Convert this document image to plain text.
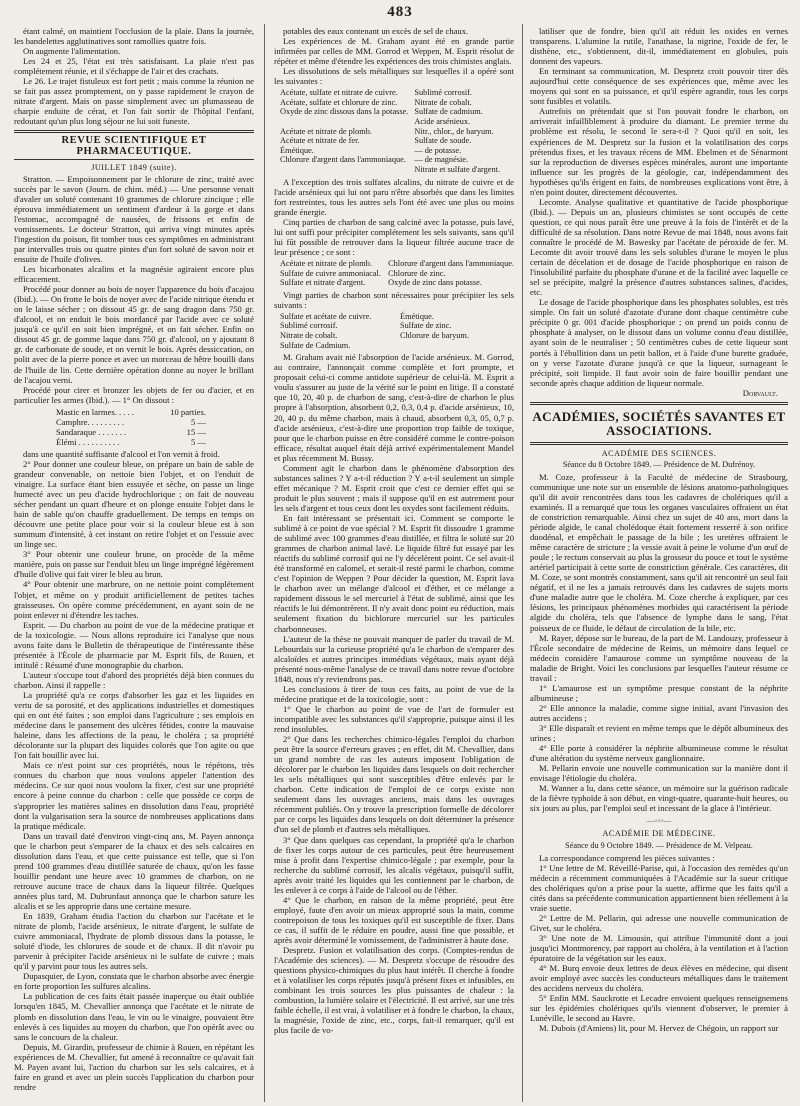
483

étant calmé, on maintient l'occlusion de la plaie. Dans la journée, les bandelettes agglutinatives sont ramollies quatre fois.

On augmente l'alimentation.

Les 24 et 25, l'état est très satisfaisant. La plaie n'est pas complétement réunie, et il s'échappe de l'air et des crachats.

Le 26. Le trajet fistuleux est fort petit ; mais comme la réunion ne se fait pas assez promptement, on y passe rapidement le crayon de nitrate d'argent. Mais on passe simplement avec un plumasseau de charpie enduite de cérat, et l'on fait sortir de l'hôpital l'enfant, redoutant qu'un plus long séjour ne lui soit funeste.

REVUE SCIENTIFIQUE ET PHARMACEUTIQUE.
JUILLET 1849 (suite).

Stratton. — Empoisonnement par le chlorure de zinc, traité avec succès par le savon (Journ. de chim. méd.) — Une personne venait d'avaler un soluté contenant 10 grammes de chlorure zincique ; elle éprouva immédiatement un sentiment d'ardeur à la gorge et dans l'estomac, accompagné de nausées, de frissons et enfin de vomissements. Le docteur Stratton, qui arriva vingt minutes après l'ingestion du poison, fit tomber tous ces symptômes en administrant par intervalles trois ou quatre pintes d'un fort soluté de savon noir et ensuite de l'huile d'olives.

Les bicarbonates alcalins et la magnésie agiraient encore plus efficacement.

Procédé pour donner au bois de noyer l'apparence du bois d'acajou (Ibid.). — On frotte le bois de noyer avec de l'acide nitrique étendu et on le laisse sécher ; on dissout 45 gr. de sang dragon dans 750 gr. d'alcool, et on enduit le bois mordancé par l'acide avec ce soluté jusqu'à ce qu'il en soit bien imprégné, et on fait sécher. Enfin on dissout 45 gr. de gomme laque dans 750 gr. d'alcool, on y ajoutant 8 gr. de carbonate de soude, et on vernit le bois. Après dessiccation, on polit avec de la pierre ponce et avec un morceau de hêtre bouilli dans de l'huile de lin. Cette dernière opération donne au noyer le brillant de l'acajou verni.

Procédé pour cirer et bronzer les objets de fer ou d'acier, et en particulier les armes (Ibid.). — 1° On dissout :

Mastic en larmes. . . . .	10 parties.
Camphre. . . . . . . . .	5 —
Sandaraque . . . . . . .	15 —
Élémi . . . . . . . . . .	5 —

dans une quantité suffisante d'alcool et l'on vernit à froid.

2° Pour donner une couleur bleue, on prépare un bain de sable de grandeur convenable, on nettoie bien l'objet, et on l'enduit de vinaigre. La surface étant bien essuyée et sèche, on passe un linge humecté avec un peu d'acide hydrochlorique ; on fait de nouveau sécher pendant un quart d'heure et on plonge ensuite l'objet dans le bain de sable qu'on chauffe graduellement. De temps en temps on découvre une petite place pour voir si la couleur bleue est à son summum d'intensité, à cet instant on retire l'objet et on l'essuie avec un linge sec.

3° Pour obtenir une couleur brune, on procède de la même manière, puis on passe sur l'enduit bleu un linge imprégné légèrement d'huile d'olive qui fait virer le bleu au brun.

4° Pour obtenir une marbrure, on ne nettoie point complétement l'objet, et même on y produit artificiellement de petites taches graisseuses. On opère comme précédemment, en ayant soin de ne point enlever ni d'étendre les taches.

Esprit. — Du charbon au point de vue de la médecine pratique et de la toxicologie. — Nous allons reproduire ici l'analyse que nous avons faite dans le Bulletin de thérapeutique de l'intéressante thèse présentée à l'École de pharmacie par M. Esprit fils, de Rouen, et intitulé : Résumé d'une monographie du charbon.

L'auteur s'occupe tout d'abord des propriétés déjà bien connues du charbon. Ainsi il rappelle :

La propriété qu'a ce corps d'absorber les gaz et les liquides en vertu de sa porosité, et des applications industrielles et domestiques qui en ont été faites ; son emploi dans l'agriculture ; ses emplois en médecine dans le pansement des ulcères fétides, contre la mauvaise haleine, dans les affections de la peau, le choléra ; sa propriété décolorante sur la plupart des liquides colorés que l'on agite ou que l'on fait bouillir avec lui.

Mais ce n'est point sur ces propriétés, nous le répétons, très connues du charbon que nous voulons appeler l'attention des médecins. Ce sur quoi nous voulons la fixer, c'est sur une propriété encore à peine connue du charbon : celle que possède ce corps de s'approprier les matières salines en dissolution dans l'eau, propriété dont la vulgarisation sera la source de nombreuses applications dans la pratique médicale.

Dans un travail daté d'environ vingt-cinq ans, M. Payen annonça que le charbon peut s'emparer de la chaux et des sels calcaires en dissolution dans l'eau, et que cette puissance est telle, que si l'on prend 100 grammes d'eau distillée saturée de chaux, qu'on les fasse bouillir pendant une heure avec 10 grammes de charbon, on ne retrouve aucune trace de chaux dans la liqueur filtrée. Quelques années plus tard, M. Dubrunfaut annonça que le charbon sature les alcalis et se les approprie dans une certaine mesure.

En 1839, Graham étudia l'action du charbon sur l'acétate et le nitrate de plomb, l'acide arsénieux, le nitrate d'argent, le sulfate de cuivre ammoniacal, l'hydrate de plomb dissous dans la potasse, le soluté d'iode, les chlorures de soude et de chaux. Il dit n'avoir pu parvenir à précipiter l'acide arsénieux ni le sulfate de cuivre ; mais qu'il y parvint pour tous les autres sels.

Dupasquier, de Lyon, constata que le charbon absorbe avec énergie en forte proportion les sulfures alcalins.

La publication de ces faits était passée inaperçue ou était oubliée lorsqu'en 1845, M. Chevallier annonça que l'acétate et le nitrate de plomb en dissolution dans l'eau, le vin ou le vinaigre, pouvaient être enlevés à ces liquides au moyen du charbon, que l'on opérât avec ou sans le concours de la chaleur.

Depuis, M. Girardin, professeur de chimie à Rouen, en répétant les expériences de M. Chevallier, fut amené à reconnaître ce qu'avait fait M. Payen avant lui, l'action du charbon sur les sels calcaires, et à faire en grand et avec un plein succès l'application du charbon pour rendre

potables des eaux contenant un excès de sel de chaux.

Les expériences de M. Graham ayant été en grande partie infirmées par celles de MM. Gorrod et Weppen, M. Esprit résolut de répéter et même d'étendre les expériences des trois chimistes anglais.

Les dissolutions de sels métalliques sur lesquelles il a opéré sont les suivantes :

Acétate, sulfate et nitrate de cuivre.	Sublimé corrosif.
Acétate, sulfate et chlorure de zinc.	Nitrate de cobalt.
Oxyde de zinc dissous dans la potasse. Sulfate de cadmium.
Acide arsénieux.
Acétate et nitrate de plomb.	Nitr., chlor., de baryum.
Acétate et nitrate de fer.	Sulfate de soude.
Émétique.	— de potasse.
Chlorure d'argent dans l'ammoniaque. — de magnésie.
Nitrate et sulfate d'argent.

A l'exception des trois sulfates alcalins, du nitrate de cuivre et de l'acide arsénieux qui lui ont paru n'être absorbés que dans les limites fort restreintes, tous les autres sels l'ont été avec une plus ou moins grande énergie.

Cinq parties de charbon de sang calciné avec la potasse, puis lavé, lui ont suffi pour précipiter complétement les sels suivants, sans qu'il lui fût possible de retrouver dans la liqueur filtrée aucune trace de leur présence ; ce sont :

Acétate et nitrate de plomb.	Chlorure d'argent dans l'ammoniaque.
Sulfate de cuivre ammoniacal. Chlorure de zinc.
Sulfate et nitrate d'argent.	Oxyde de zinc dans potasse.

Vingt parties de charbon sont nécessaires pour précipiter les sels suivants :

Sulfate et acétate de cuivre.	Émétique.
Sublimé corrosif.	Sulfate de zinc.
Nitrate de cobalt.	Chlorure de baryum.
Sulfate de Cadmium.

M. Graham avait nié l'absorption de l'acide arsénieux. M. Gorrod, au contraire, l'annonçait comme complète et fort prompte, et proposait celui-ci comme antidote supérieur de celui-là. M. Esprit a voulu s'assurer au juste de la vérité sur le point en litige. Il a constaté que 10, 20, 40 p. de charbon de sang, c'est-à-dire de charbon le plus propre à l'absorption, absorbent 0,2, 0,3, 0,4 p. d'acide arsénieux, 10, 20, 40 p. du même charbon, mais à chaud, absorbent 0,3, 05, 0,7 p. d'acide arsénieux, c'est-à-dire une proportion trop faible de toxique, pour que le charbon puisse en être considéré comme le contre-poison efficace, résultat auquel était déjà arrivé expérimentalement Mandel et plus récemment M. Bussy.

Comment agit le charbon dans le phénomène d'absorption des substances salines ? Y a-t-il réduction ? Y a-t-il seulement un simple effet mécanique ? M. Esprit croit que c'est ce dernier effet qui se produit le plus souvent ; mais il suppose qu'il en est autrement pour les sels d'argent et tous ceux dont les oxydes sont facilement réduits.

En fait intéressant se présentait ici. Comment se comporte le sublimé à ce point de vue spécial ? M. Esprit fit dissoudre 1 gramme de sublimé avec 100 grammes d'eau distillée, et filtra le soluté sur 20 grammes de charbon animal lavé. Le liquide filtré fut essayé par les réactifs du sublimé corrosif qui ne l'y décelèrent point. Ce sel avait-il été transformé en calomel, et serait-il resté parmi le charbon, comme c'est l'opinion de Weppen ? Pour décider la question, M. Esprit lava le charbon avec un mélange d'alcool et d'éther, et ce mélange a rapidement dissous le sel mercuriel à l'état de sublimé, ainsi que les réactifs le lui démontrèrent. Il n'y avait donc point eu réduction, mais seulement fixation du bichlorure mercuriel sur les particules charbonneuses.

L'auteur de la thèse ne pouvait manquer de parler du travail de M. Lebourdais sur la curieuse propriété qu'a le charbon de s'emparer des alcaloïdes et autres principes immédiats végétaux, mais ayant déjà présenté nous-même l'analyse de ce travail dans notre revue d'octobre 1848, nous n'y reviendrons pas.

Les conclusions à tirer de tous ces faits, au point de vue de la médecine pratique et de la toxicologie, sont :

1° Que le charbon au point de vue de l'art de formuler est incompatible avec les substances qu'il s'approprie, puisque ainsi il les rend insolubles.

2° Que dans les recherches chimico-légales l'emploi du charbon peut être la source d'erreurs graves ; en effet, dit M. Chevallier, dans un grand nombre de cas les auteurs imposent l'obligation de décolorer par le charbon les liquides dans lesquels on doit rechercher les sels métalliques qui sont susceptibles d'être enlevés par le charbon. Cette indication de l'emploi de ce corps existe non seulement dans les ouvrages anciens, mais dans les ouvrages récemment publiés. On y trouve la prescription formelle de décolorer par ce corps les liquides dans lesquels on doit déterminer la présence d'un sel de plomb et d'autres sels métalliques.

3° Que dans quelques cas cependant, la propriété qu'a le charbon de fixer les corps autour de ces particules, peut être heureusement mise à profit dans l'expertise chimico-légale ; par exemple, pour la recherche du sublimé corrosif, les alcalis végétaux, puisqu'il suffit, après avoir traité les liquides qui les contiennent par le charbon, de les enlever à ce corps à l'aide de l'alcool ou de l'éther.

4° Que le charbon, en raison de la même propriété, peut être employé, faute d'en avoir un mieux approprié sous la main, comme contrepoison de tous les toxiques qu'il est susceptible de fixer. Dans ce cas, il suffit de le réduire en poudre, aussi fine que possible, et après avoir déterminé le vomissement, de l'administrer à haute dose.

Despretz. Fusion et volatilisation des corps. (Comptes-rendus de l'Académie des sciences). — M. Despretz s'occupe de résoudre des questions physico-chimiques du plus haut intérêt. Il cherche à fondre et à volatiliser les corps réputés jusqu'à présent fixes et infusibles, en combinant les trois sources les plus puissantes de chaleur : la combustion, la lumière solaire et l'électricité. Il est arrivé, sur une très faible échelle, il est vrai, à volatiliser et à fondre le charbon, la chaux, la magnésie, l'oxide de zinc, etc., corps, fait-il remarquer, qu'il est plus facile de vo-

latiliser que de fondre, bien qu'il ait réduit les oxides en vernes transparens. L'alumine la rutile, l'anathase, la nigrine, l'oxide de fer, le disthène, etc., s'obtiennent, dit-il, immédiatement en globules, puis donnent des vapeurs.

En terminant sa communication, M. Despretz croit pouvoir tirer dès aujourd'hui cette conséquence de ses expériences que, même avec les moyens qui sont en sa puissance, et qu'il espère agrandir, tous les corps sont fusibles et volatils.

Autrefois on prétendait que si l'on pouvait fondre le charbon, on arriverait infailliblement à produire du diamant. Le premier terme du problème est résolu, le second le sera-t-il ? Quoi qu'il en soit, les expériences de M. Despretz sur la fusion et la volatilisation des corps prétendus fixes, et les travaux récens de MM. Ebelmen et de Sénarmont sur la reproduction de diverses espèces minérales, auront une importante influence sur les progrès de la géologie, car, indépendamment des hypothèses qu'ils érigent en faits, de nombreuses explications vont être, à n'en point douter, directement découvertes.

Lecomte. Analyse qualitative et quantitative de l'acide phosphorique (Ibid.). — Depuis un an, plusieurs chimistes se sont occupés de cette question, ce qui nous paraît être une preuve à la fois de l'intérêt et de la difficulté de sa résolution. Dans notre Revue de mai 1848, nous avons fait connaître le procédé de M. Bawesky par l'acétate de péroxide de fer. M. Lecomte dit avoir trouvé dans les sels solubles d'urane le moyen le plus certain de décelation et de dosage de l'acide phosphorique en raison de l'insolubilité parfaite du phosphate d'urane et de la facilité avec laquelle ce sel se précipite, malgré la présence d'autres substances salines, d'acides, etc.

Le dosage de l'acide phosphorique dans les phosphates solubles, est très simple. On fait un soluté d'azotate d'urane dont chaque centimètre cube précipite 0 gr. 001 d'acide phosphorique ; on prend un poids connu de phosphate à analyser, on le dissout dans un volume connu d'eau distillée, ayant soin de le neutraliser ; 50 centimètres cubes de cette liqueur sont portés à l'ébullition dans un petit ballon, et à l'aide d'une burette graduée, on y verse l'azotate d'urane jusqu'à ce que la liqueur, surnageant le précipité, soit limpide. Il faut avoir soin de faire bouillir pendant une seconde après chaque addition de liqueur normale.

Dorvault.
ACADÉMIES, SOCIÉTÉS SAVANTES ET ASSOCIATIONS.
ACADÉMIE DES SCIENCES.
Séance du 8 Octobre 1849. — Présidence de M. Dufrénoy.

M. Coze, professeur à la Faculté de médecine de Strasbourg, communique une note sur un ensemble de lésions anatomo-pathologiques qu'il dit avoir rencontrées dans tous les cadavres de cholériques qu'il a examinés. Il a remarqué que tous les organes vasculaires offraient un état de constriction remarquable. Ainsi chez un sujet de 40 ans, mort dans la période algide, le canal cholédoque était fortement resserré à son orifice duodénal, et empêchait le passage de la bile ; les uretères offraient le même caractère de stricture ; la vessie avait à peine le volume d'un œuf de poule ; le rectum conservait au plus la grosseur du pouce et tout le système artériel participait à cette sorte de constriction générale. Ces caractères, dit M. Coze, se sont montrés constamment, sans qu'il ait rencontré un seul fait négatif, et il ne les a jamais retrouvés dans les cadavres de sujets morts d'une maladie autre que le choléra. M. Coze cherche à expliquer, par ces lésions, les principaux phénomènes morbides qui caractérisent la période algide du choléra, tels que l'absence de lymphe dans le sang, l'état poisseux de ce fluide, le défaut de circulation de la bile, etc.

M. Rayer, dépose sur le bureau, de la part de M. Landouzy, professeur à l'École secondaire de médecine de Reims, un mémoire dans lequel ce médecin considère l'amaurose comme un symptôme nouveau de la maladie de Bright. Voici les conclusions par lesquelles l'auteur résume ce travail :

1° L'amaurose est un symptôme presque constant de la néphrite albumineuse ;

2° Elle annonce la maladie, comme signe initial, avant l'invasion des autres accidens ;

3° Elle disparaît et revient en même temps que le dépôt albumineux des urines ;

4° Elle porte à considérer la néphrite albumineuse comme le résultat d'une altération du système nerveux ganglionnaire.

M. Pellarin envoie une nouvelle communication sur la manière dont il envisage l'étiologie du choléra.

M. Wanner a lu, dans cette séance, un mémoire sur la guérison radicale de la fièvre typhoïde à son début, en vingt-quatre, quarante-huit heures, ou six jours au plus, par l'emploi seul et incessant de la glace à l'intérieur.

—◦◦◦—
ACADÉMIE DE MÉDECINE.
Séance du 9 Octobre 1849. — Présidence de M. Velpeau.

La correspondance comprend les pièces suivantes :

1° Une lettre de M. Réveillé-Parise, qui, à l'occasion des remèdes qu'un médecin a récemment communiquées à l'Académie sur la sueur critique des cholériques qu'on a prise pour la suette, affirme que les faits qu'il a cités dans sa précédente communication appartiennent bien réellement à la vraie suette.

2° Lettre de M. Pellarin, qui adresse une nouvelle communication de Givet, sur le choléra.

3° Une note de M. Limousin, qui attribue l'immunité dont a joui jusqu'ici Montmorency, par rapport au choléra, à la ventilation et à l'action épuratoire de la végétation sur les eaux.

4° M. Burq envoie deux lettres de deux élèves en médecine, qui disent avoir employé avec succès les conducteurs métalliques dans le traitement des accidens nerveux du choléra.

5° Enfin MM. Sauckrotte et Lecadre envoient quelques renseignemens sur les épidémies cholériques qu'ils viennent d'observer, le premier à Lunéville, le second au Havre.

M. Dubois (d'Amiens) lit, pour M. Hervez de Chégoin, un rapport sur
